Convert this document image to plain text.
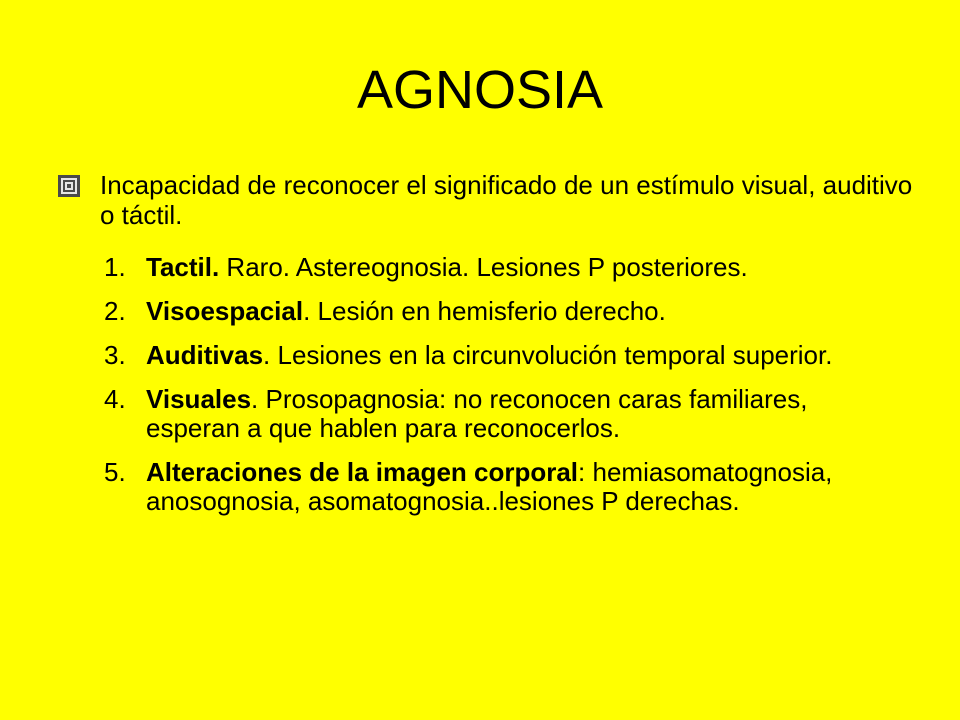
AGNOSIA

Incapacidad de reconocer el significado de un estímulo visual, auditivo o táctil.

1. Tactil. Raro. Astereognosia. Lesiones P posteriores.
2. Visoespacial. Lesión en hemisferio derecho.
3. Auditivas. Lesiones en la circunvolución temporal superior.
4. Visuales. Prosopagnosia: no reconocen caras familiares, esperan a que hablen para reconocerlos.
5. Alteraciones de la imagen corporal: hemiasomatognosia, anosognosia, asomatognosia..lesiones P derechas.
